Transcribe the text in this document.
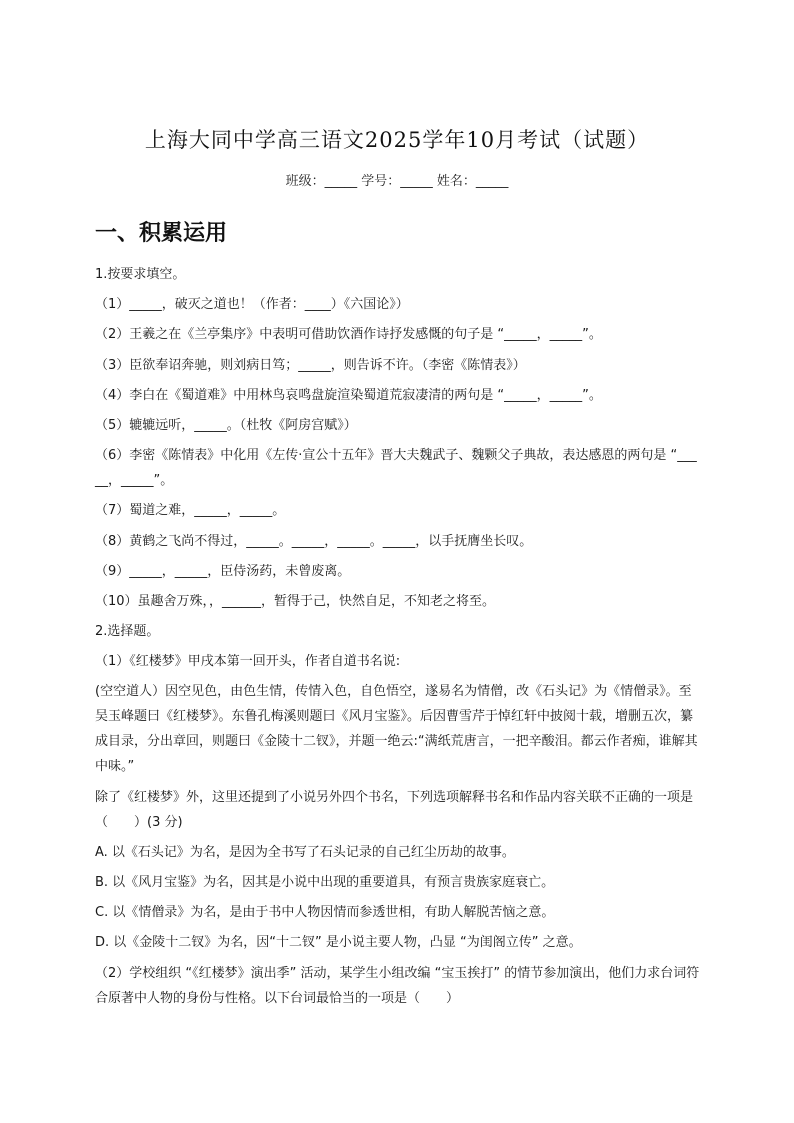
上海大同中学高三语文2025学年10月考试（试题）
班级：_____ 学号：_____ 姓名：_____
一、积累运用
1.按要求填空。
（1）_____，破灭之道也！（作者：____）《六国论》）
（2）王羲之在《兰亭集序》中表明可借助饮酒作诗抒发感慨的句子是 “_____，_____”。
（3）臣欲奉诏奔驰，则刘病日笃；_____，则告诉不许。（李密《陈情表》）
（4）李白在《蜀道难》中用林鸟哀鸣盘旋渲染蜀道荒寂凄清的两句是 “_____，_____”。
（5）辘辘远听，_____。（杜牧《阿房宫赋》）
（6）李密《陈情表》中化用《左传·宣公十五年》晋大夫魏武子、魏颗父子典故，表达感恩的两句是 “_____，_____”。
（7）蜀道之难，_____，_____。
（8）黄鹤之飞尚不得过，_____。_____，_____。_____，以手抚膺坐长叹。
（9）_____，_____，臣侍汤药，未曾废离。
（10）虽趣舍万殊，，______，暂得于己，快然自足，不知老之将至。
2.选择题。
（1）《红楼梦》甲戌本第一回开头，作者自道书名说:
(空空道人）因空见色，由色生情，传情入色，自色悟空，遂易名为情僧，改《石头记》为《情僧录》。至吴玉峰题曰《红楼梦》。东鲁孔梅溪则题曰《风月宝鉴》。后因曹雪芹于悼红轩中披阅十载，增删五次，纂成目录，分出章回，则题曰《金陵十二钗》，并题一绝云:“满纸荒唐言，一把辛酸泪。都云作者痴，谁解其中味。”
除了《红楼梦》外，这里还提到了小说另外四个书名，下列选项解释书名和作品内容关联不正确的一项是（　　）(3 分)
A. 以《石头记》为名，是因为全书写了石头记录的自己红尘历劫的故事。
B. 以《风月宝鉴》为名，因其是小说中出现的重要道具，有预言贵族家庭衰亡。
C. 以《情僧录》为名，是由于书中人物因情而参透世相，有助人解脱苦恼之意。
D. 以《金陵十二钗》为名，因“十二钗” 是小说主要人物，凸显 “为闺阁立传” 之意。
（2）学校组织 “《红楼梦》演出季” 活动，某学生小组改编 “宝玉挨打” 的情节参加演出，他们力求台词符合原著中人物的身份与性格。以下台词最恰当的一项是（　　）
